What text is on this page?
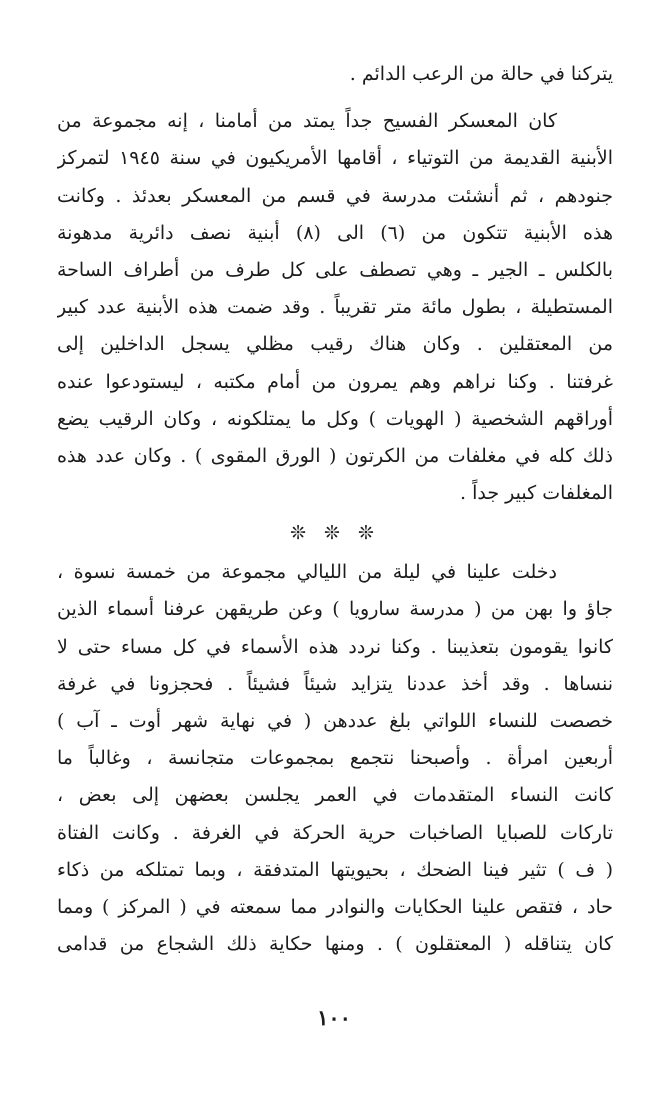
يتركنا في حالة من الرعب الدائم .
كان المعسكر الفسيح جداً يمتد من أمامنا ، إنه مجموعة من
الأبنية القديمة من التوتياء ، أقامها الأمريكيون في سنة ١٩٤٥ لتمركز
جنودهم ، ثم أنشئت مدرسة في قسم من المعسكر بعدئذ . وكانت
هذه الأبنية تتكون من (٦) الى (٨) أبنية نصف دائرية مدهونة
بالكلس ـ الجير ـ وهي تصطف على كل طرف من أطراف الساحة
المستطيلة ، بطول مائة متر تقريباً . وقد ضمت هذه الأبنية عدد كبير
من المعتقلين . وكان هناك رقيب مظلي يسجل الداخلين إلى
غرفتنا . وكنا نراهم وهم يمرون من أمام مكتبه ، ليستودعوا عنده
أوراقهم الشخصية ( الهويات ) وكل ما يمتلكونه ، وكان الرقيب يضع
ذلك كله في مغلفات من الكرتون ( الورق المقوى ) . وكان عدد هذه
المغلفات كبير جداً .
❊ ❊ ❊
دخلت علينا في ليلة من الليالي مجموعة من خمسة نسوة ،
جاؤ وا بهن من ( مدرسة سارويا ) وعن طريقهن عرفنا أسماء الذين
كانوا يقومون بتعذيبنا . وكنا نردد هذه الأسماء في كل مساء حتى لا
ننساها . وقد أخذ عددنا يتزايد شيئاً فشيئاً . فحجزونا في غرفة
خصصت للنساء اللواتي بلغ عددهن ( في نهاية شهر أوت ـ آب )
أربعين امرأة . وأصبحنا نتجمع بمجموعات متجانسة ، وغالباً ما
كانت النساء المتقدمات في العمر يجلسن بعضهن إلى بعض ،
تاركات للصبايا الصاخبات حرية الحركة في الغرفة . وكانت الفتاة
( ف ) تثير فينا الضحك ، بحيويتها المتدفقة ، وبما تمتلكه من ذكاء
حاد ، فتقص علينا الحكايات والنوادر مما سمعته في ( المركز ) ومما
كان يتناقله ( المعتقلون ) . ومنها حكاية ذلك الشجاع من قدامى
١٠٠
